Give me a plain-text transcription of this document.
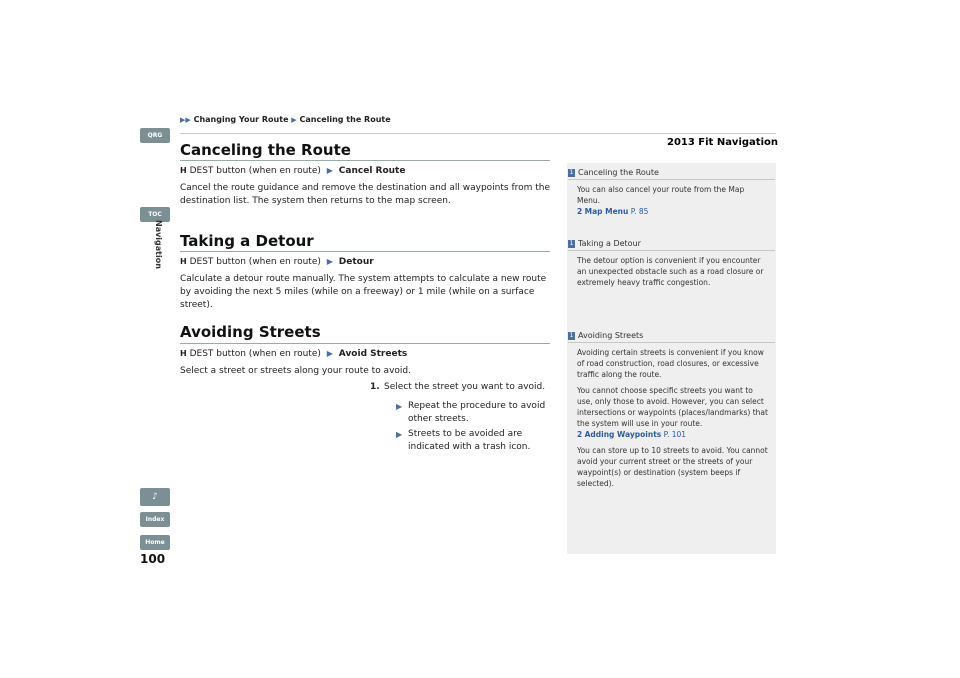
▶▶ Changing Your Route ▶ Canceling the Route
2013 Fit Navigation
QRG
TOC
Navigation
♪
Index
Home
100
Canceling the Route
H DEST button (when en route) ▶ Cancel Route
Cancel the route guidance and remove the destination and all waypoints from the destination list. The system then returns to the map screen.
Taking a Detour
H DEST button (when en route) ▶ Detour
Calculate a detour route manually. The system attempts to calculate a new route by avoiding the next 5 miles (while on a freeway) or 1 mile (while on a surface street).
Avoiding Streets
H DEST button (when en route) ▶ Avoid Streets
Select a street or streets along your route to avoid.
1. Select the street you want to avoid.
▶ Repeat the procedure to avoid other streets.
▶ Streets to be avoided are indicated with a trash icon.
1 Canceling the Route
You can also cancel your route from the Map Menu.
2 Map Menu P. 85
1 Taking a Detour
The detour option is convenient if you encounter an unexpected obstacle such as a road closure or extremely heavy traffic congestion.
1 Avoiding Streets
Avoiding certain streets is convenient if you know of road construction, road closures, or excessive traffic along the route.
You cannot choose specific streets you want to use, only those to avoid. However, you can select intersections or waypoints (places/landmarks) that the system will use in your route.
2 Adding Waypoints P. 101
You can store up to 10 streets to avoid. You cannot avoid your current street or the streets of your waypoint(s) or destination (system beeps if selected).
